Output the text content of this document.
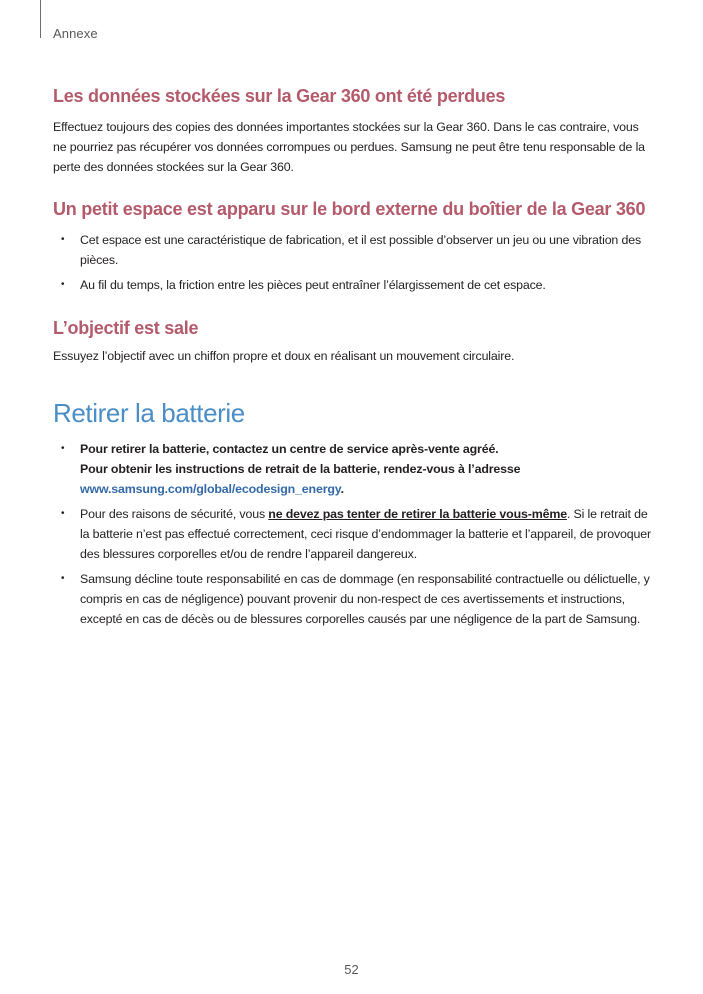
Annexe
Les données stockées sur la Gear 360 ont été perdues

Effectuez toujours des copies des données importantes stockées sur la Gear 360. Dans le cas contraire, vous ne pourriez pas récupérer vos données corrompues ou perdues. Samsung ne peut être tenu responsable de la perte des données stockées sur la Gear 360.

Un petit espace est apparu sur le bord externe du boîtier de la Gear 360
• Cet espace est une caractéristique de fabrication, et il est possible d’observer un jeu ou une vibration des pièces.
• Au fil du temps, la friction entre les pièces peut entraîner l’élargissement de cet espace.
L’objectif est sale

Essuyez l’objectif avec un chiffon propre et doux en réalisant un mouvement circulaire.

Retirer la batterie
• Pour retirer la batterie, contactez un centre de service après-vente agréé.
Pour obtenir les instructions de retrait de la batterie, rendez-vous à l’adresse www.samsung.com/global/ecodesign_energy.
• Pour des raisons de sécurité, vous ne devez pas tenter de retirer la batterie vous-même. Si le retrait de la batterie n’est pas effectué correctement, ceci risque d’endommager la batterie et l’appareil, de provoquer des blessures corporelles et/ou de rendre l’appareil dangereux.
• Samsung décline toute responsabilité en cas de dommage (en responsabilité contractuelle ou délictuelle, y compris en cas de négligence) pouvant provenir du non-respect de ces avertissements et instructions, excepté en cas de décès ou de blessures corporelles causés par une négligence de la part de Samsung.
52
